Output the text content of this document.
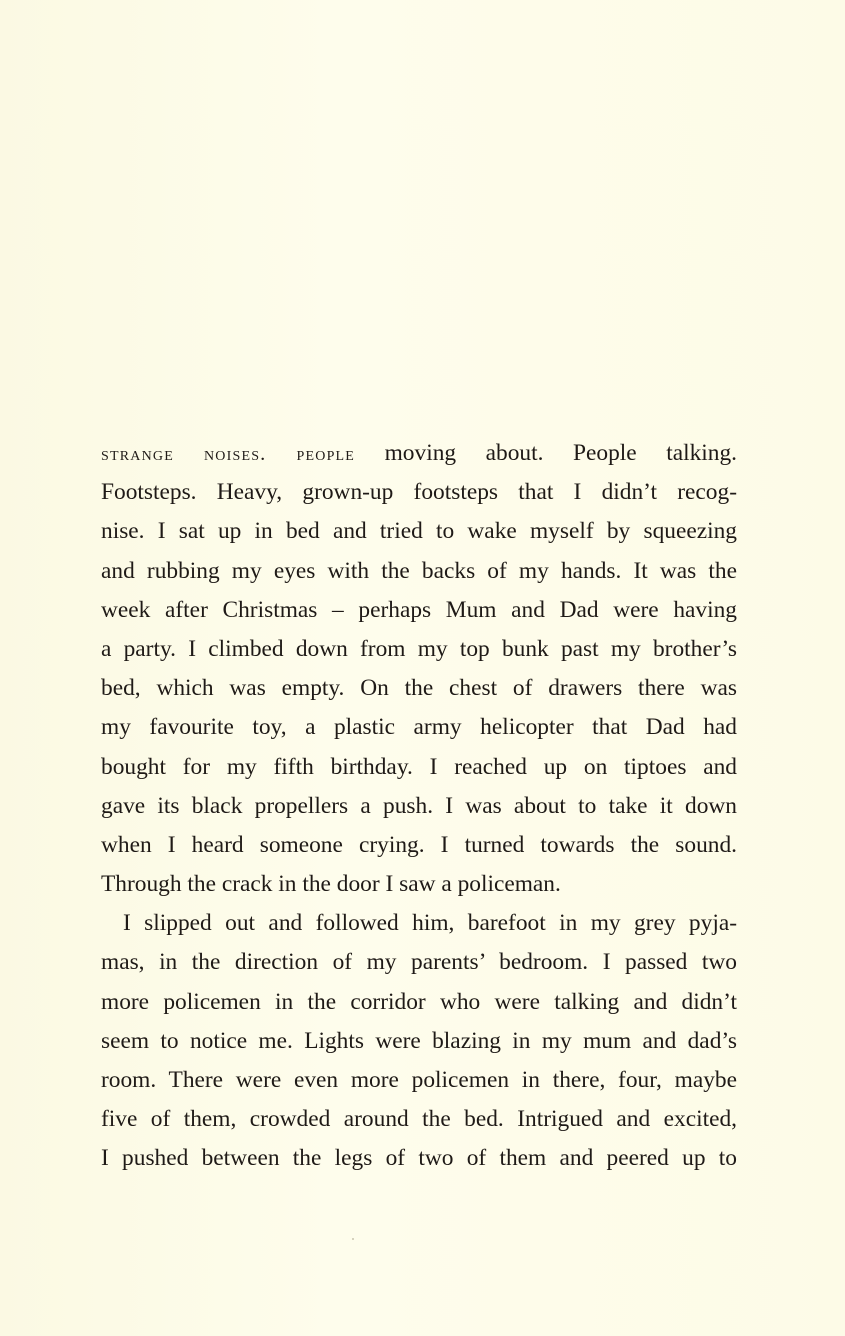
strange noises. people moving about. People talking.
Footsteps. Heavy, grown-up footsteps that I didn’t recog-
nise. I sat up in bed and tried to wake myself by squeezing
and rubbing my eyes with the backs of my hands. It was the
week after Christmas – perhaps Mum and Dad were having
a party. I climbed down from my top bunk past my brother’s
bed, which was empty. On the chest of drawers there was
my favourite toy, a plastic army helicopter that Dad had
bought for my fifth birthday. I reached up on tiptoes and
gave its black propellers a push. I was about to take it down
when I heard someone crying. I turned towards the sound.
Through the crack in the door I saw a policeman.
I slipped out and followed him, barefoot in my grey pyja-
mas, in the direction of my parents’ bedroom. I passed two
more policemen in the corridor who were talking and didn’t
seem to notice me. Lights were blazing in my mum and dad’s
room. There were even more policemen in there, four, maybe
five of them, crowded around the bed. Intrigued and excited,
I pushed between the legs of two of them and peered up to
